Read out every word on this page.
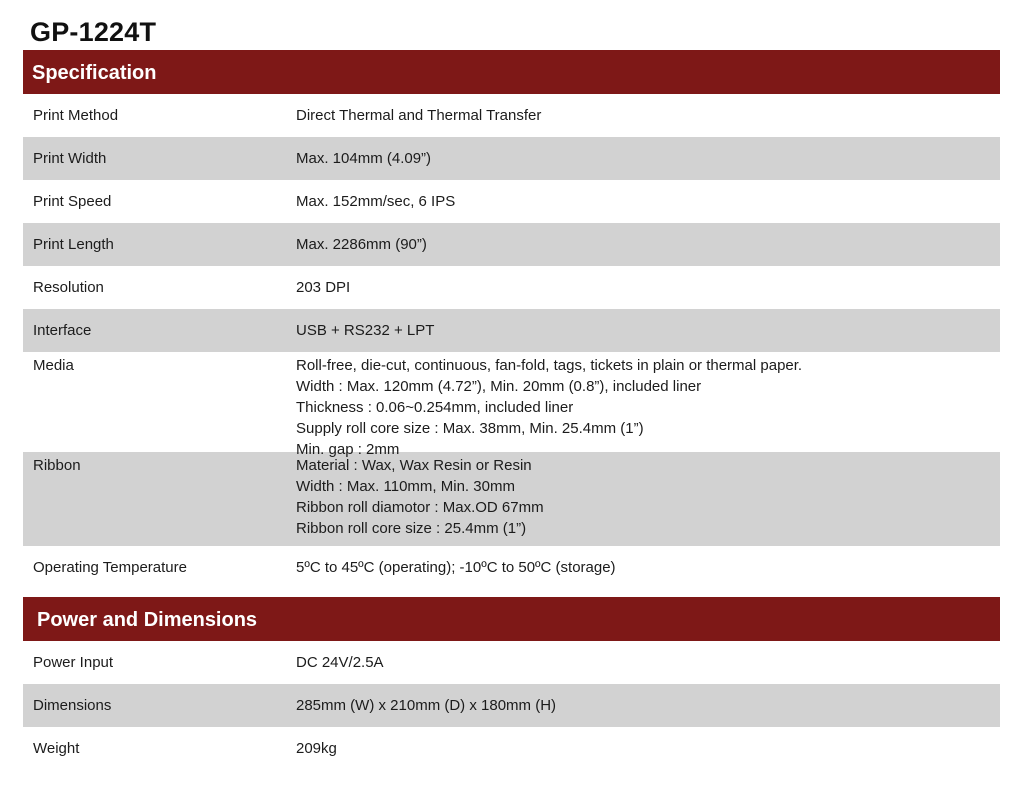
GP-1224T
Specification
Print Method	Direct Thermal and Thermal Transfer
Print Width	Max. 104mm (4.09”)
Print Speed	Max. 152mm/sec, 6 IPS
Print Length	Max. 2286mm (90”)
Resolution	203 DPI
Interface	USB + RS232 + LPT
Media	Roll-free, die-cut, continuous, fan-fold, tags, tickets in plain or thermal paper.
Width : Max. 120mm (4.72”), Min. 20mm (0.8”), included liner
Thickness : 0.06~0.254mm, included liner
Supply roll core size : Max. 38mm, Min. 25.4mm (1”)
Min. gap : 2mm
Ribbon	Material : Wax, Wax Resin or Resin
Width : Max. 110mm, Min. 30mm
Ribbon roll diamotor : Max.OD 67mm
Ribbon roll core size : 25.4mm (1”)
Operating Temperature	5ºC to 45ºC (operating); -10ºC to 50ºC (storage)
Power and Dimensions
Power Input	DC 24V/2.5A
Dimensions	285mm (W) x 210mm (D) x 180mm (H)
Weight	209kg
